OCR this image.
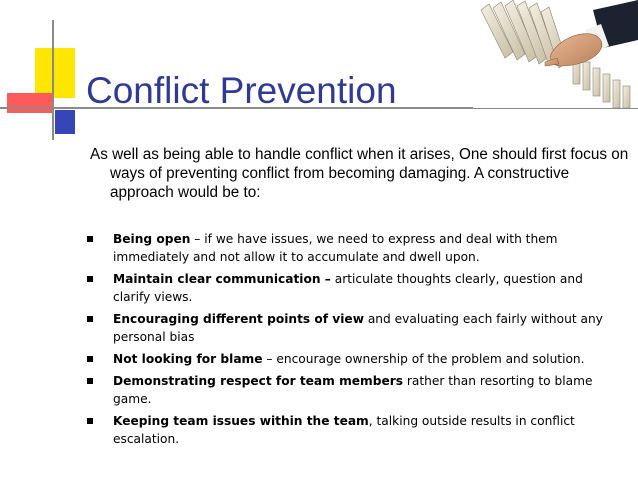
Conflict Prevention

As well as being able to handle conflict when it arises, One should first focus on ways of preventing conflict from becoming damaging. A constructive approach would be to:

Being open – if we have issues, we need to express and deal with them immediately and not allow it to accumulate and dwell upon.
Maintain clear communication – articulate thoughts clearly, question and clarify views.
Encouraging different points of view and evaluating each fairly without any personal bias
Not looking for blame – encourage ownership of the problem and solution.
Demonstrating respect for team members rather than resorting to blame game.
Keeping team issues within the team, talking outside results in conflict escalation.
